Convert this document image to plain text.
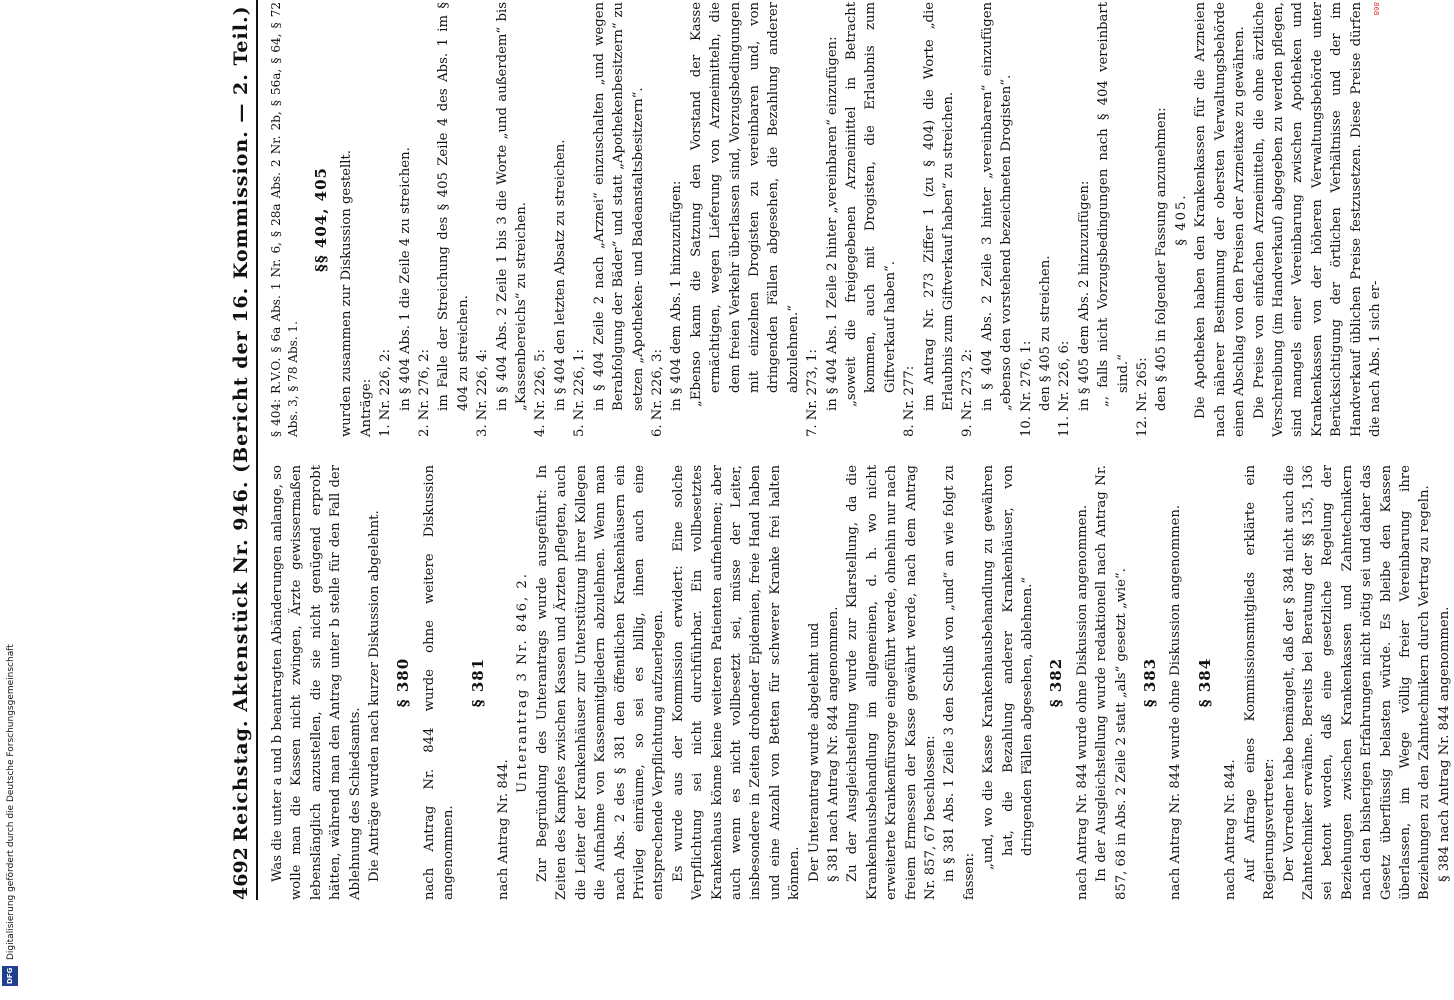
Digitalisierung gefördert durch die Deutsche Forschungsgemeinschaft
DFG
868
4692
Reichstag. Aktenstück Nr. 946. (Bericht der 16. Kommission. — 2. Teil.) Was die unter a und b beantragten Abänderungen anlange, so wolle man die Kassen nicht zwingen, Ärzte gewissermaßen lebenslänglich anzustellen, die sie nicht genügend erprobt hätten, während man den Antrag unter b stelle für den Fall der Ablehnung des Schiedsamts. Die Anträge wurden nach kurzer Diskussion abgelehnt. § 380 nach Antrag Nr. 844 wurde ohne weitere Diskussion angenommen.
§ 381
nach Antrag Nr. 844.
Unterantrag 3 Nr. 846, 2. Zur Begründung des Unterantrags wurde ausgeführt: In Zeiten des Kampfes zwischen Kassen und Ärzten pflegten, auch die Leiter der Krankenhäuser zur Unterstützung ihrer Kollegen die Aufnahme von Kassenmitgliedern abzulehnen. Wenn man nach Abs. 2 des § 381 den öffentlichen Krankenhäusern ein Privileg einräume, so sei es billig, ihnen auch eine entsprechende Verpflichtung aufzuerlegen. Es wurde aus der Kommission erwidert: Eine solche Verpflichtung sei nicht durchführbar. Ein vollbesetztes Krankenhaus könne keine weiteren Patienten aufnehmen; aber auch wenn es nicht vollbesetzt sei, müsse der Leiter, insbesondere in Zeiten drohender Epidemien, freie Hand haben und eine Anzahl von Betten für schwerer Kranke frei halten können. Der Unterantrag wurde abgelehnt und § 381 nach Antrag Nr. 844 angenommen. Zu der Ausgleichstellung wurde zur Klarstellung, da die Krankenhausbehandlung im allgemeinen, d. h. wo nicht erweiterte Krankenfürsorge eingeführt werde, ohnehin nur nach freiem Ermessen der Kasse gewährt werde, nach dem Antrag Nr. 857, 67 beschlossen: in § 381 Abs. 1 Zeile 3 den Schluß von „und“ an wie folgt zu fassen:
„und, wo die Kasse Krankenhausbehandlung zu gewähren hat, die Bezahlung anderer Krankenhäuser, von dringenden Fällen abgesehen, ablehnen.“ § 382 nach Antrag Nr. 844 wurde ohne Diskussion angenommen. In der Ausgleichstellung wurde redaktionell nach Antrag Nr. 857, 68 in Abs. 2 Zeile 2 statt „als“ gesetzt „wie“. § 383 nach Antrag Nr. 844 wurde ohne Diskussion angenommen. § 384
nach Antrag Nr. 844. Auf Anfrage eines Kommissionsmitglieds erklärte ein Regierungsvertreter: Der Vorredner habe bemängelt, daß der § 384 nicht auch die Zahntechniker erwähne. Bereits bei Beratung der §§ 135, 136 sei betont worden, daß eine gesetzliche Regelung der Beziehungen zwischen Krankenkassen und Zahntechnikern nach den bisherigen Erfahrungen nicht nötig sei und daher das Gesetz überflüssig belasten würde. Es bleibe den Kassen überlassen, im Wege völlig freier Vereinbarung ihre Beziehungen zu den Zahntechnikern durch Vertrag zu regeln. § 384 nach Antrag Nr. 844 angenommen.
§ 404: R.V.O. § 6a Abs. 1 Nr. 6, § 28a Abs. 2 Nr. 2b, § 56a, § 64, § 72 Abs. 3, § 78 Abs. 1.
§§ 404, 405 wurden zusammen zur Diskussion gestellt. Anträge: 1. Nr. 226, 2: in § 404 Abs. 1 die Zeile 4 zu streichen. 2. Nr. 276, 2: im Falle der Streichung des § 405 Zeile 4 des Abs. 1 im § 404 zu streichen. 3. Nr. 226, 4: in § 404 Abs. 2 Zeile 1 bis 3 die Worte „und außerdem“ bis „Kassenbereichs“ zu streichen. 4. Nr. 226, 5: in § 404 den letzten Absatz zu streichen. 5. Nr. 226, 1: in § 404 Zeile 2 nach „Arznei“ einzuschalten „und wegen Berabfolgung der Bäder“ und statt „Apothekenbesitzern“ zu setzen „Apotheken- und Badeanstaltsbesitzern“. 6. Nr. 226, 3: in § 404 dem Abs. 1 hinzuzufügen: „Ebenso kann die Satzung den Vorstand der Kasse ermächtigen, wegen Lieferung von Arzneimitteln, die dem freien Verkehr überlassen sind, Vorzugsbedingungen mit einzelnen Drogisten zu vereinbaren und, von dringenden Fällen abgesehen, die Bezahlung anderer abzulehnen.“
7. Nr. 273, 1: in § 404 Abs. 1 Zeile 2 hinter „vereinbaren“ einzufügen: „soweit die freigegebenen Arzneimittel in Betracht kommen, auch mit Drogisten, die Erlaubnis zum Giftverkauf haben“.
8. Nr. 277: im Antrag Nr. 273 Ziffer 1 (zu § 404) die Worte „die Erlaubnis zum Giftverkauf haben“ zu streichen. 9. Nr. 273, 2: in § 404 Abs. 2 Zeile 3 hinter „vereinbaren“ einzufügen „ebenso den vorstehend bezeichneten Drogisten“. 10. Nr. 276, 1: den § 405 zu streichen. 11. Nr. 226, 6: in § 405 dem Abs. 2 hinzuzufügen: „, falls nicht Vorzugsbedingungen nach § 404 vereinbart sind.“ 12. Nr. 265: den § 405 in folgender Fassung anzunehmen: § 405. Die Apotheken haben den Krankenkassen für die Arzneien nach näherer Bestimmung der obersten Verwaltungsbehörde einen Abschlag von den Preisen der Arzneitaxe zu gewähren. Die Preise von einfachen Arzneimitteln, die ohne ärztliche Verschreibung (im Handverkauf) abgegeben zu werden pflegen, sind mangels einer Vereinbarung zwischen Apotheken und Krankenkassen von der höheren Verwaltungsbehörde unter Berücksichtigung der örtlichen Verhältnisse und der im Handverkauf üblichen Preise festzusetzen. Diese Preise dürfen die nach Abs. 1 sich er-
